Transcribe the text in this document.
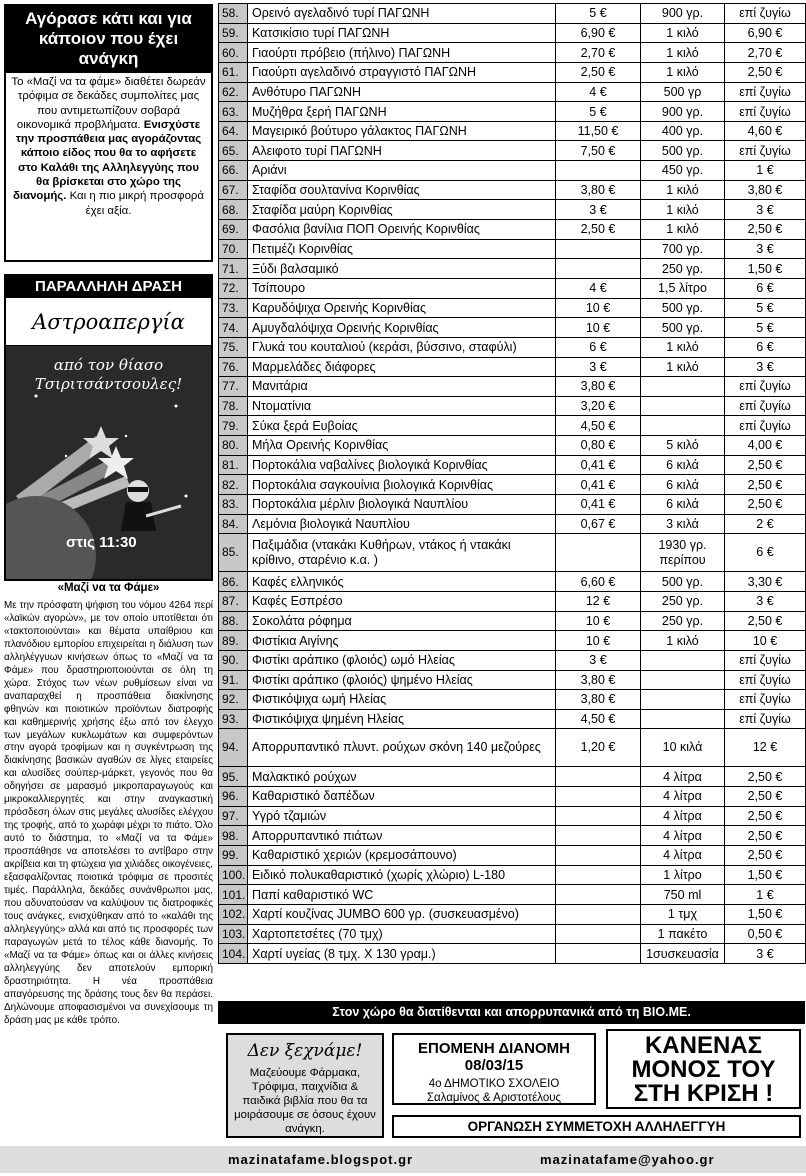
Αγόρασε κάτι και για κάποιον που έχει ανάγκη
Το «Μαζί να τα φάμε» διαθέτει δωρεάν τρόφιμα σε δεκάδες συμπολίτες μας που αντιμετωπίζουν σοβαρά οικονομικά προβλήματα. Ενισχύστε την προσπάθεια μας αγοράζοντας κάποιο είδος που θα το αφήσετε στο Καλάθι της Αλληλεγγύης που θα βρίσκεται στο χώρο της διανομής. Και η πιο μικρή προσφορά έχει αξία.
ΠΑΡΑΛΛΗΛΗ ΔΡΑΣΗ
Αστροαπεργία
από τον θίασο Τσιριτσάντσουλες!
στις 11:30
«Μαζί να τα Φάμε»
Με την πρόσφατη ψήφιση του νόμου 4264 περί «λαϊκών αγορών», με τον οποίο υποτίθεται ότι «τακτοποιούνται» και θέματα υπαίθριου και πλανόδιου εμπορίου επιχειρείται η διάλυση των αλληλέγγυων κινήσεων όπως το «Μαζί να τα Φάμε» που δραστηριοποιούνται σε όλη τη χώρα. Στόχος των νέων ρυθμίσεων είναι να αναπαραχθεί η προσπάθεια διακίνησης φθηνών και ποιοτικών προϊόντων διατροφής και καθημερινής χρήσης έξω από τον έλεγχο των μεγάλων κυκλωμάτων και συμφερόντων στην αγορά τροφίμων και η συγκέντρωση της διακίνησης βασικών αγαθών σε λίγες εταιρείες και αλυσίδες σούπερ-μάρκετ, γεγονός που θα οδηγήσει σε μαρασμό μικροπαραγωγούς και μικροκαλλιεργητές και στην αναγκαστική πρόσδεση όλων στις μεγάλες αλυσίδες ελέγχου της τροφής, από το χωράφι μέχρι το πιάτο. Όλο αυτό το διάστημα, το «Μαζί να τα Φάμε» προσπάθησε να αποτελέσει το αντίβαρο στην ακρίβεια και τη φτώχεια για χιλιάδες οικογένειες, εξασφαλίζοντας ποιοτικά τρόφιμα σε προσιτές τιμές. Παράλληλα, δεκάδες συνάνθρωποι μας, που αδυνατούσαν να καλύψουν τις διατροφικές τους ανάγκες, ενισχύθηκαν από το «καλάθι της αλληλεγγύης» αλλά και από τις προσφορές των παραγωγών μετά το τέλος κάθε διανομής. Το «Μαζί να τα Φάμε» όπως και οι άλλες κινήσεις αλληλεγγύης δεν αποτελούν εμπορική δραστηριότητα. Η νέα προσπάθεια απαγόρευσης της δράσης τους δεν θα περάσει. Δηλώνουμε αποφασισμένοι να συνεχίσουμε τη δράση μας με κάθε τρόπο.
58.	Ορεινό αγελαδινό τυρί ΠΑΓΩΝΗ	5 €	900 γρ.	επί ζυγίω
59.	Κατσικίσιο τυρί ΠΑΓΩΝΗ	6,90 €	1 κιλό	6,90 €
60.	Γιαούρτι πρόβειο (πήλινο) ΠΑΓΩΝΗ	2,70 €	1 κιλό	2,70 €
61.	Γιαούρτι αγελαδινό στραγγιστό ΠΑΓΩΝΗ	2,50 €	1 κιλό	2,50 €
62.	Ανθότυρο ΠΑΓΩΝΗ	4 €	500 γρ	επί ζυγίω
63.	Μυζήθρα ξερή ΠΑΓΩΝΗ	5 €	900 γρ.	επί ζυγίω
64.	Μαγειρικό βούτυρο γάλακτος ΠΑΓΩΝΗ	11,50 €	400 γρ.	4,60 €
65.	Αλειφοτο τυρί ΠΑΓΩΝΗ	7,50 €	500 γρ.	επί ζυγίω
66.	Αριάνι		450 γρ.	1 €
67.	Σταφίδα σουλτανίνα Κορινθίας	3,80 €	1 κιλό	3,80 €
68.	Σταφίδα μαύρη Κορινθίας	3 €	1 κιλό	3 €
69.	Φασόλια βανίλια ΠΟΠ Ορεινής Κορινθίας	2,50 €	1 κιλό	2,50 €
70.	Πετιμέζι Κορινθίας		700 γρ.	3 €
71.	Ξύδι βαλσαμικό		250 γρ.	1,50 €
72.	Τσίπουρο	4 €	1,5 λίτρο	6 €
73.	Καρυδόψιχα Ορεινής Κορινθίας	10 €	500 γρ.	5 €
74.	Αμυγδαλόψιχα Ορεινής Κορινθίας	10 €	500 γρ.	5 €
75.	Γλυκά του κουταλιού (κεράσι, βύσσινο, σταφύλι)	6 €	1 κιλό	6 €
76.	Μαρμελάδες διάφορες	3 €	1 κιλό	3 €
77.	Μανιτάρια	3,80 €		επί ζυγίω
78.	Ντοματίνια	3,20 €		επί ζυγίω
79.	Σύκα ξερά Ευβοίας	4,50 €		επί ζυγίω
80.	Μήλα Ορεινής Κορινθίας	0,80 €	5 κιλό	4,00 €
81.	Πορτοκάλια ναβαλίνες βιολογικά Κορινθίας	0,41 €	6 κιλά	2,50 €
82.	Πορτοκάλια σαγκουίνια βιολογικά Κορινθίας	0,41 €	6 κιλά	2,50 €
83.	Πορτοκάλια μέρλιν βιολογικά Ναυπλίου	0,41 €	6 κιλά	2,50 €
84.	Λεμόνια βιολογικά Ναυπλίου	0,67 €	3 κιλά	2 €
85.	Παξιμάδια (ντακάκι Κυθήρων, ντάκος ή ντακάκι κρίθινο, σταρένιο κ.α. )		1930 γρ. περίπου	6 €
86.	Καφές ελληνικός	6,60 €	500 γρ.	3,30 €
87.	Καφές Εσπρέσο	12 €	250 γρ.	3 €
88.	Σοκολάτα ρόφημα	10 €	250 γρ.	2,50 €
89.	Φιστίκια Αιγίνης	10 €	1 κιλό	10 €
90.	Φιστίκι αράπικο (φλοιός) ωμό Ηλείας	3 €		επί ζυγίω
91.	Φιστίκι αράπικο (φλοιός) ψημένο Ηλείας	3,80 €		επί ζυγίω
92.	Φιστικόψιχα ωμή Ηλείας	3,80 €		επί ζυγίω
93.	Φιστικόψιχα ψημένη Ηλείας	4,50 €		επί ζυγίω
94.	Απορρυπαντικό πλυντ. ρούχων σκόνη 140 μεζούρες	1,20 €	10 κιλά	12 €
95.	Μαλακτικό ρούχων		4 λίτρα	2,50 €
96.	Καθαριστικό δαπέδων		4 λίτρα	2,50 €
97.	Υγρό τζαμιών		4 λίτρα	2,50 €
98.	Απορρυπαντικό πιάτων		4 λίτρα	2,50 €
99.	Καθαριστικό χεριών (κρεμοσάπουνο)		4 λίτρα	2,50 €
100.	Ειδικό πολυκαθαριστικό (χωρίς χλώριο) L-180		1 λίτρο	1,50 €
101.	Παπί καθαριστικό WC		750 ml	1 €
102.	Χαρτί κουζίνας JUMBO 600 γρ. (συσκευασμένο)		1 τμχ	1,50 €
103.	Χαρτοπετσέτες (70 τμχ)		1 πακέτο	0,50 €
104.	Χαρτί υγείας (8 τμχ. Χ 130 γραμ.)		1συσκευασία	3 €
Στον χώρο θα διατίθενται και απορρυπανικά από τη BIO.ME.
Δεν ξεχνάμε!
Μαζεύουμε Φάρμακα, Τρόφιμα, παιχνίδια & παιδικά βιβλία που θα τα μοιράσουμε σε όσους έχουν ανάγκη.
ΕΠΟΜΕΝΗ ΔΙΑΝΟΜΗ
08/03/15
4ο ΔΗΜΟΤΙΚΟ ΣΧΟΛΕΙΟ
Σαλαμίνος & Αριστοτέλους
ΚΑΝΕΝΑΣ ΜΟΝΟΣ ΤΟΥ ΣΤΗ ΚΡΙΣΗ !
ΟΡΓΑΝΩΣΗ ΣΥΜΜΕΤΟΧΗ ΑΛΛΗΛΕΓΓΥΗ
mazinatafame.blogspot.gr	mazinatafame@yahoo.gr
